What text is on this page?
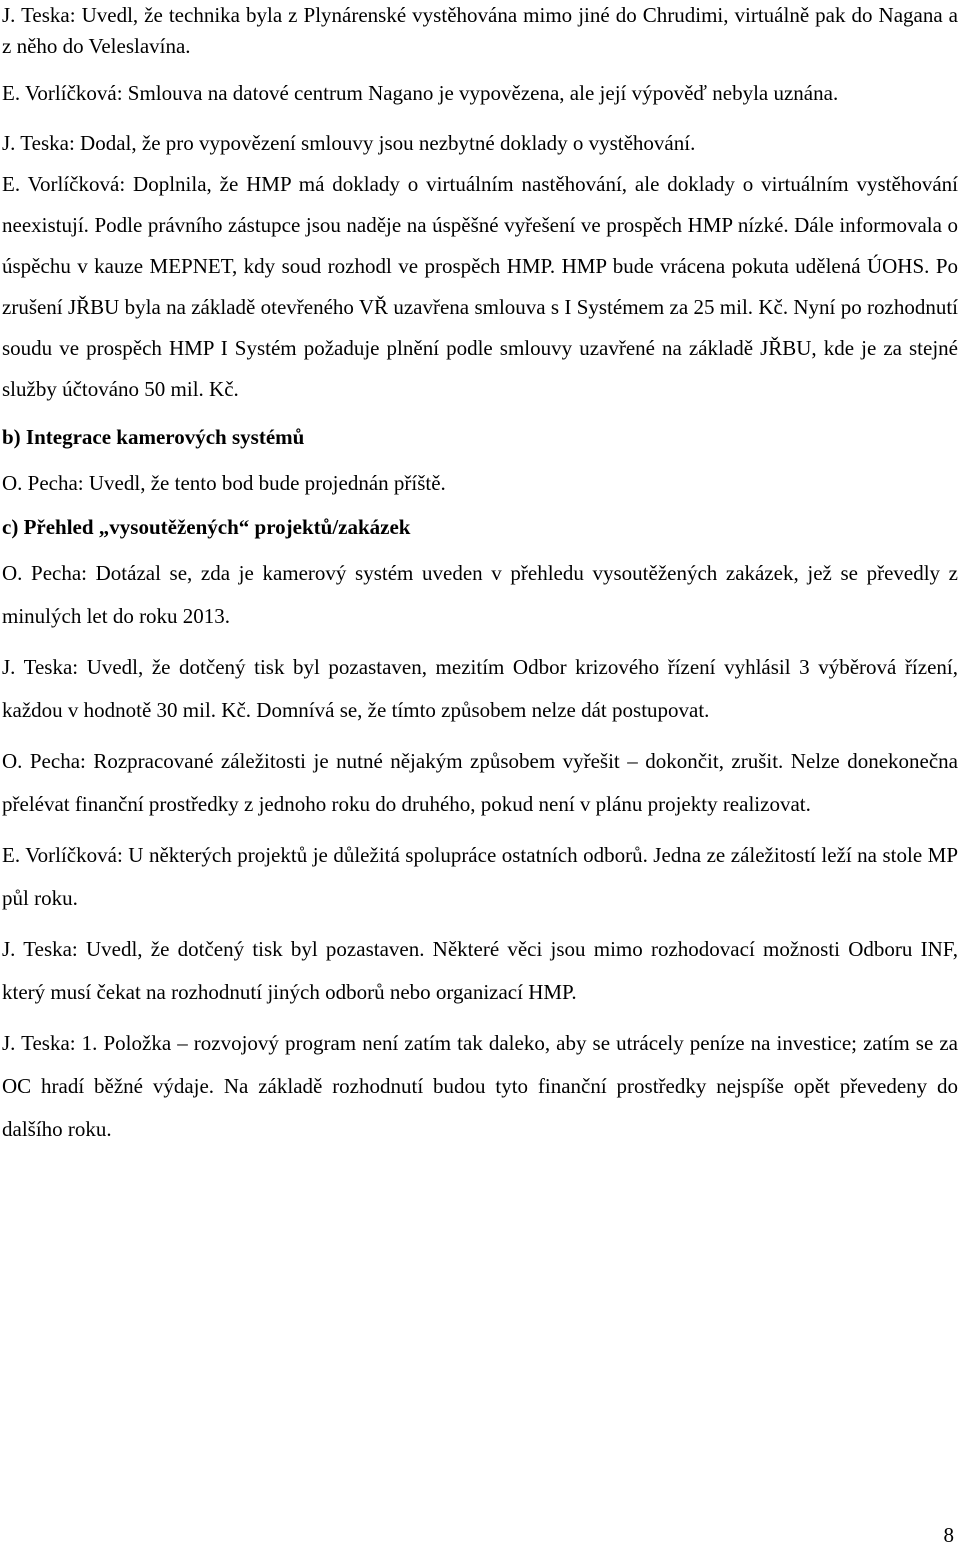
J. Teska: Uvedl, že technika byla z Plynárenské vystěhována mimo jiné do Chrudimi, virtuálně pak do Nagana a z něho do Veleslavína.

E. Vorlíčková: Smlouva na datové centrum Nagano je vypovězena, ale její výpověď nebyla uznána.

J. Teska: Dodal, že pro vypovězení smlouvy jsou nezbytné doklady o vystěhování.

E. Vorlíčková: Doplnila, že HMP má doklady o virtuálním nastěhování, ale doklady o virtuálním vystěhování neexistují. Podle právního zástupce jsou naděje na úspěšné vyřešení ve prospěch HMP nízké. Dále informovala o úspěchu v kauze MEPNET, kdy soud rozhodl ve prospěch HMP. HMP bude vrácena pokuta udělená ÚOHS. Po zrušení JŘBU byla na základě otevřeného VŘ uzavřena smlouva s I Systémem za 25 mil. Kč. Nyní po rozhodnutí soudu ve prospěch HMP I Systém požaduje plnění podle smlouvy uzavřené na základě JŘBU, kde je za stejné služby účtováno 50 mil. Kč.

b) Integrace kamerových systémů

O. Pecha: Uvedl, že tento bod bude projednán příště.

c) Přehled „vysoutěžených“ projektů/zakázek

O. Pecha: Dotázal se, zda je kamerový systém uveden v přehledu vysoutěžených zakázek, jež se převedly z minulých let do roku 2013.

J. Teska: Uvedl, že dotčený tisk byl pozastaven, mezitím Odbor krizového řízení vyhlásil 3 výběrová řízení, každou v hodnotě 30 mil. Kč. Domnívá se, že tímto způsobem nelze dát postupovat.

O. Pecha: Rozpracované záležitosti je nutné nějakým způsobem vyřešit – dokončit, zrušit. Nelze donekonečna přelévat finanční prostředky z jednoho roku do druhého, pokud není v plánu projekty realizovat.

E. Vorlíčková: U některých projektů je důležitá spolupráce ostatních odborů. Jedna ze záležitostí leží na stole MP půl roku.

J. Teska: Uvedl, že dotčený tisk byl pozastaven. Některé věci jsou mimo rozhodovací možnosti Odboru INF, který musí čekat na rozhodnutí jiných odborů nebo organizací HMP.

J. Teska: 1. Položka – rozvojový program není zatím tak daleko, aby se utrácely peníze na investice; zatím se za OC hradí běžné výdaje. Na základě rozhodnutí budou tyto finanční prostředky nejspíše opět převedeny do dalšího roku.

8
